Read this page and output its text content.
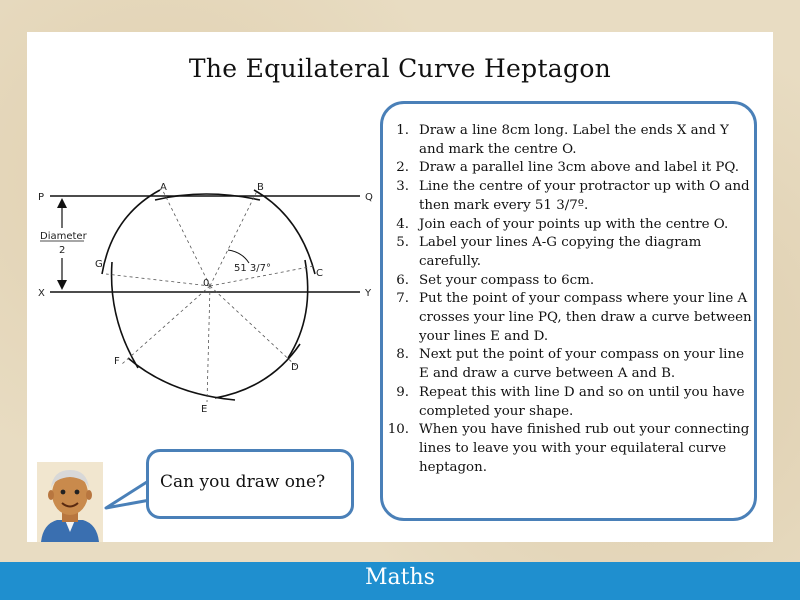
The Equilateral Curve Heptagon
P	Q
X	Y
Diameter
2
51 3/7°
0
A	B
C
D
E
F
G
1. Draw a line 8cm long. Label the ends X and Y and mark the centre O.
2. Draw a parallel line 3cm above and label it PQ.
3. Line the centre of your protractor up with O and then mark every 51 3/7º.
4. Join each of your points up with the centre O.
5. Label your lines A-G copying the diagram carefully.
6. Set your compass to 6cm.
7. Put the point of your compass where your line A crosses your line PQ, then draw a curve between your lines E and D.
8. Next put the point of your compass on your line E and draw a curve between A and B.
9. Repeat this with line D and so on until you have completed your shape.
10. When you have finished rub out your connecting lines to leave you with your equilateral curve heptagon.
Can you draw one?
Maths
